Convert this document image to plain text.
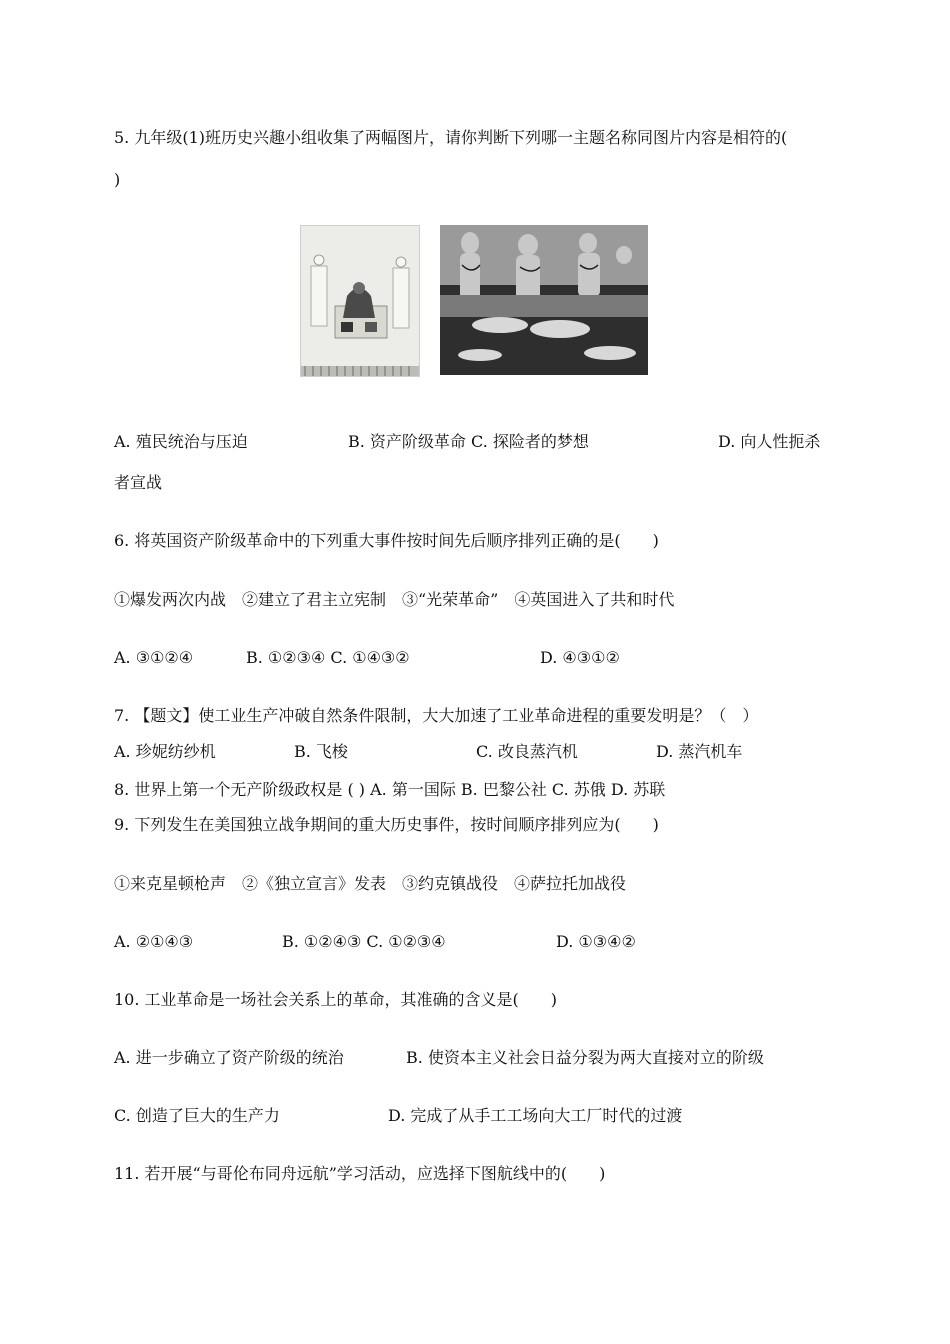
5. 九年级(1)班历史兴趣小组收集了两幅图片，请你判断下列哪一主题名称同图片内容是相符的(
)
A. 殖民统治与压迫	B. 资产阶级革命 C. 探险者的梦想	D. 向人性扼杀
者宣战
6. 将英国资产阶级革命中的下列重大事件按时间先后顺序排列正确的是(　　)
①爆发两次内战　②建立了君主立宪制　③“光荣革命”　④英国进入了共和时代
A. ③①②④	B. ①②③④ C. ①④③②	D. ④③①②
7. 【题文】使工业生产冲破自然条件限制，大大加速了工业革命进程的重要发明是？（　）
A. 珍妮纺纱机	B. 飞梭	C. 改良蒸汽机	D. 蒸汽机车
8. 世界上第一个无产阶级政权是 ( ) A. 第一国际 B. 巴黎公社 C. 苏俄 D. 苏联
9. 下列发生在美国独立战争期间的重大历史事件，按时间顺序排列应为(　　)
①来克星顿枪声　②《独立宣言》发表　③约克镇战役　④萨拉托加战役
A. ②①④③	B. ①②④③ C. ①②③④	D. ①③④②
10. 工业革命是一场社会关系上的革命，其准确的含义是(　　)
A. 进一步确立了资产阶级的统治	B. 使资本主义社会日益分裂为两大直接对立的阶级
C. 创造了巨大的生产力	D. 完成了从手工工场向大工厂时代的过渡
11. 若开展“与哥伦布同舟远航”学习活动，应选择下图航线中的(　　)
